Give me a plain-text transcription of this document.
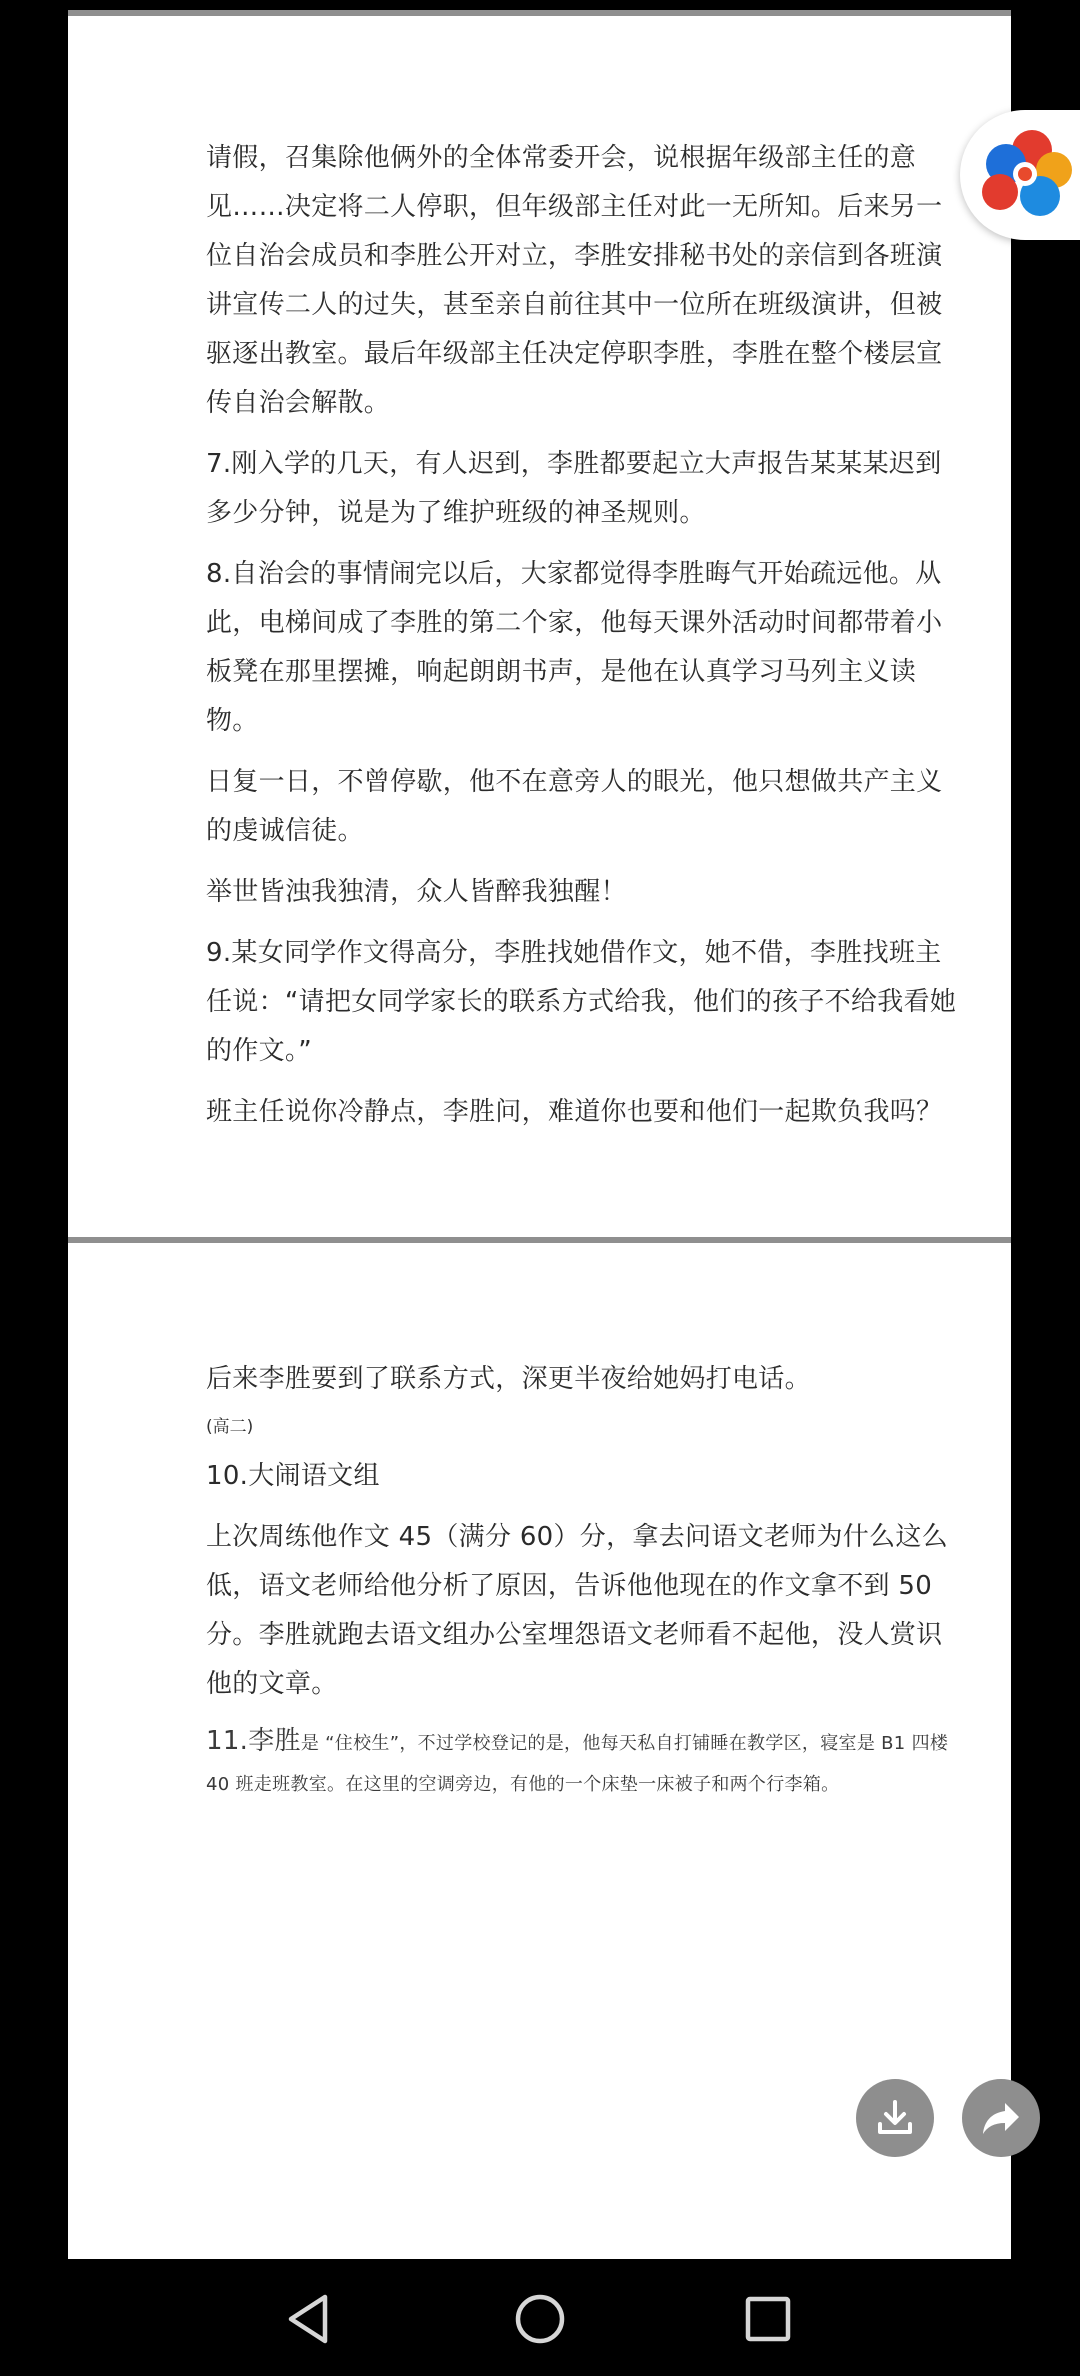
请假，召集除他俩外的全体常委开会，说根据年级部主任的意见……决定将二人停职，但年级部主任对此一无所知。后来另一位自治会成员和李胜公开对立，李胜安排秘书处的亲信到各班演讲宣传二人的过失，甚至亲自前往其中一位所在班级演讲，但被驱逐出教室。最后年级部主任决定停职李胜，李胜在整个楼层宣传自治会解散。

7.刚入学的几天，有人迟到，李胜都要起立大声报告某某某迟到多少分钟，说是为了维护班级的神圣规则。

8.自治会的事情闹完以后，大家都觉得李胜晦气开始疏远他。从此，电梯间成了李胜的第二个家，他每天课外活动时间都带着小板凳在那里摆摊，响起朗朗书声，是他在认真学习马列主义读物。

日复一日，不曾停歇，他不在意旁人的眼光，他只想做共产主义的虔诚信徒。

举世皆浊我独清，众人皆醉我独醒！

9.某女同学作文得高分，李胜找她借作文，她不借，李胜找班主任说：“请把女同学家长的联系方式给我，他们的孩子不给我看她的作文。”

班主任说你冷静点，李胜问，难道你也要和他们一起欺负我吗？

后来李胜要到了联系方式，深更半夜给她妈打电话。

(高二)

10.大闹语文组

上次周练他作文 45（满分 60）分，拿去问语文老师为什么这么低，语文老师给他分析了原因，告诉他他现在的作文拿不到 50 分。李胜就跑去语文组办公室埋怨语文老师看不起他，没人赏识他的文章。

11.李胜是 “住校生”，不过学校登记的是，他每天私自打铺睡在教学区，寝室是 B1 四楼 40 班走班教室。在这里的空调旁边，有他的一个床垫一床被子和两个行李箱。
